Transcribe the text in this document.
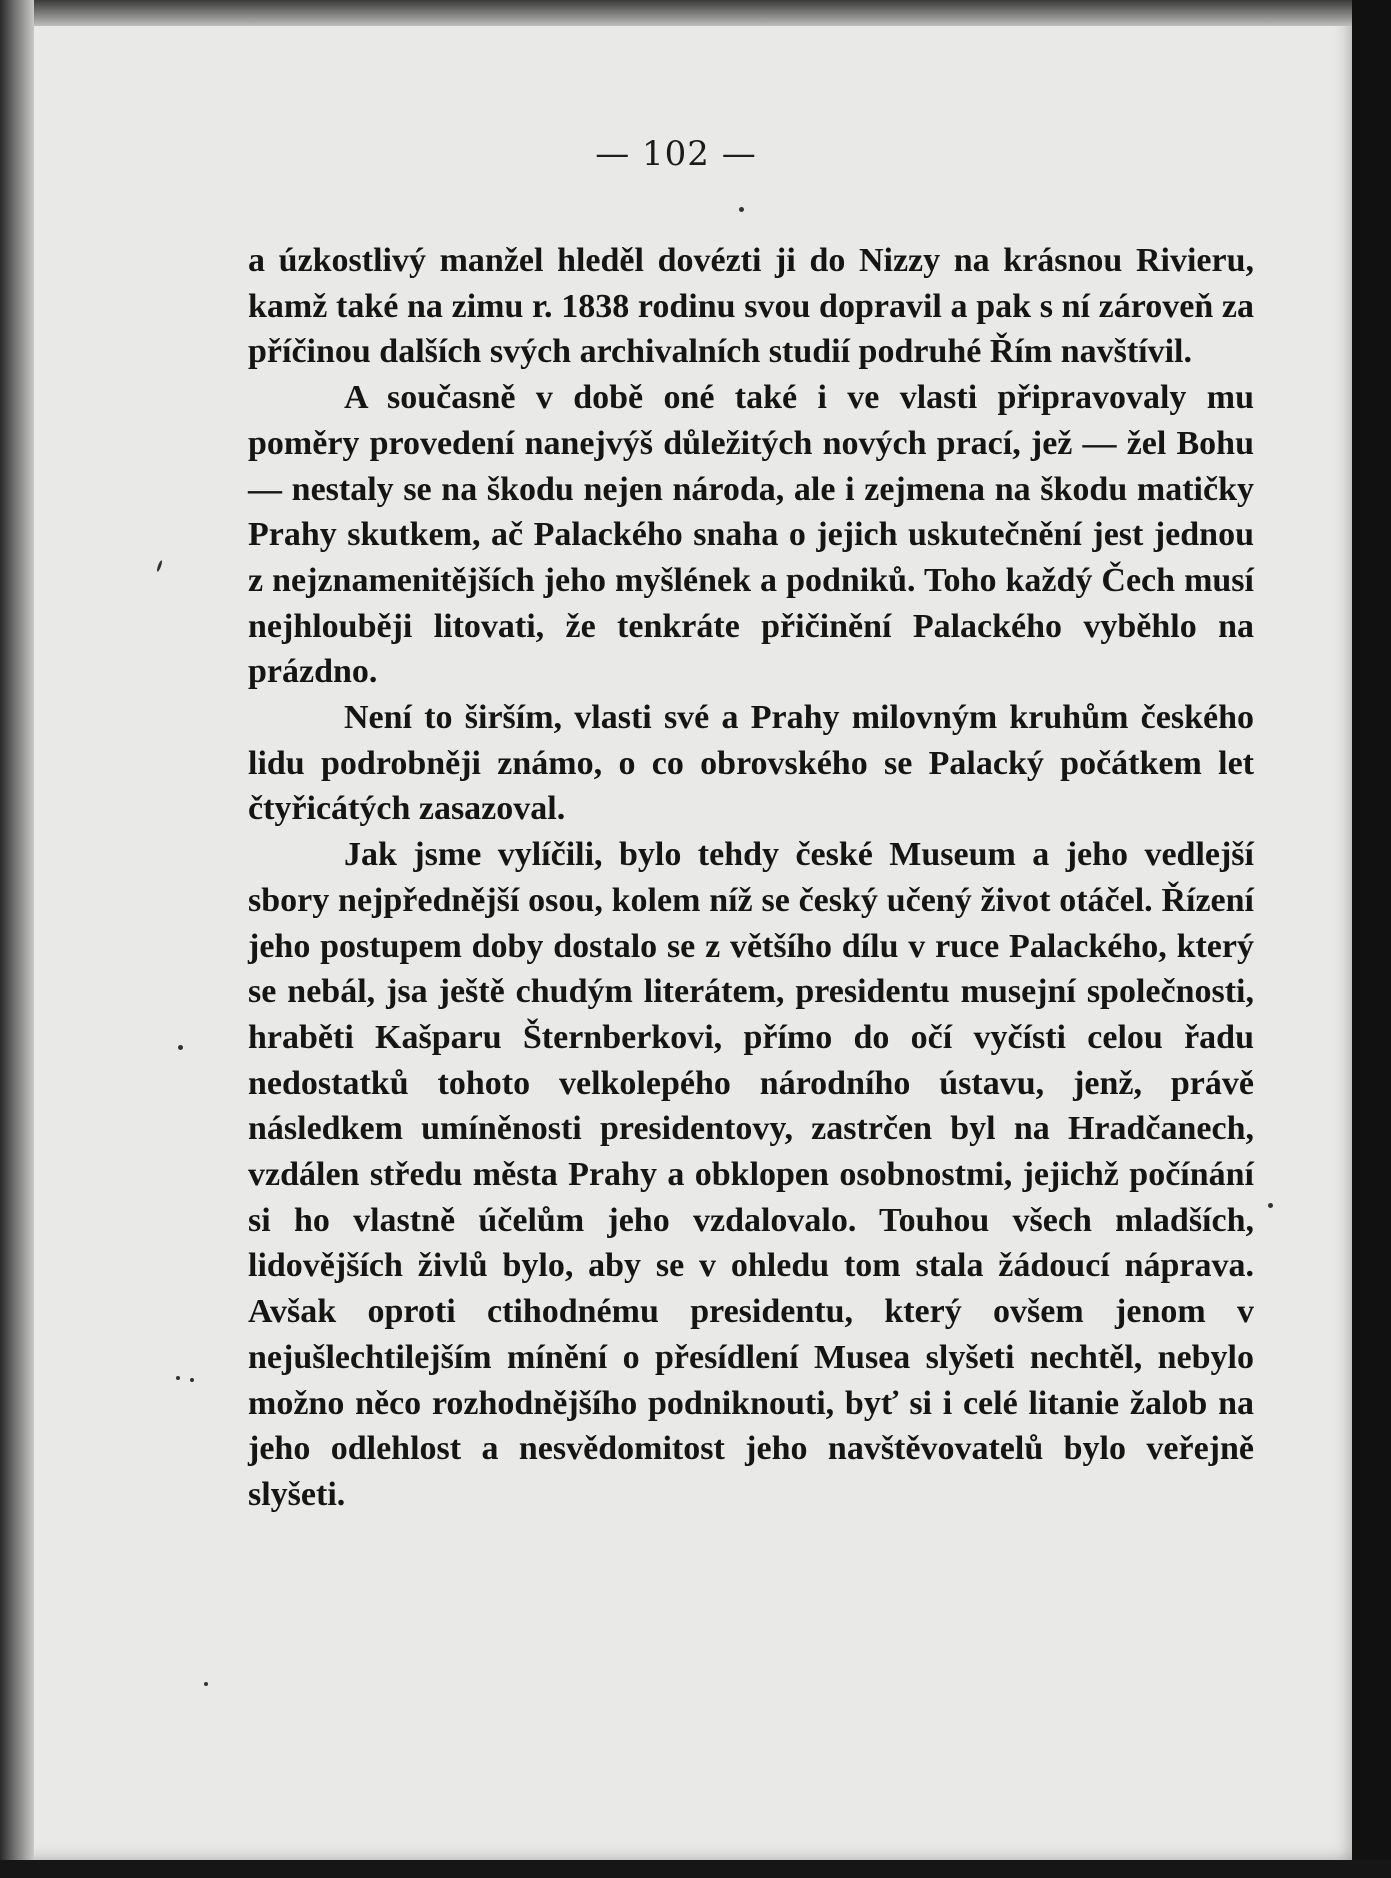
— 102 —

a úzkostlivý manžel hleděl dovézti ji do Nizzy na krásnou Rivieru, kamž také na zimu r. 1838 rodinu svou dopravil a pak s ní zároveň za příčinou dalších svých archivalních studií podruhé Řím navštívil.

A současně v době oné také i ve vlasti připravovaly mu poměry provedení nanejvýš důležitých nových prací, jež — žel Bohu — nestaly se na škodu nejen národa, ale i zejmena na škodu matičky Prahy skutkem, ač Palackého snaha o jejich uskutečnění jest jednou z nejznamenitějších jeho myšlének a podniků. Toho každý Čech musí nejhlouběji litovati, že tenkráte přičinění Palackého vyběhlo na prázdno.

Není to širším, vlasti své a Prahy milovným kruhům českého lidu podrobněji známo, o co obrovského se Palacký počátkem let čtyřicátých zasazoval.

Jak jsme vylíčili, bylo tehdy české Museum a jeho vedlejší sbory nejpřednější osou, kolem níž se český učený život otáčel. Řízení jeho postupem doby dostalo se z většího dílu v ruce Palackého, který se nebál, jsa ještě chudým literátem, presidentu musejní společnosti, hraběti Kašparu Šternberkovi, přímo do očí vyčísti celou řadu nedostatků tohoto velkolepého národního ústavu, jenž, právě následkem umíněnosti presidentovy, zastrčen byl na Hradčanech, vzdálen středu města Prahy a obklopen osobnostmi, jejichž počínání si ho vlastně účelům jeho vzdalovalo. Touhou všech mladších, lidovějších živlů bylo, aby se v ohledu tom stala žádoucí náprava. Avšak oproti ctihodnému presidentu, který ovšem jenom v nejušlechtilejším mínění o přesídlení Musea slyšeti nechtěl, nebylo možno něco rozhodnějšího podniknouti, byť si i celé litanie žalob na jeho odlehlost a nesvědomitost jeho navštěvovatelů bylo veřejně slyšeti.
